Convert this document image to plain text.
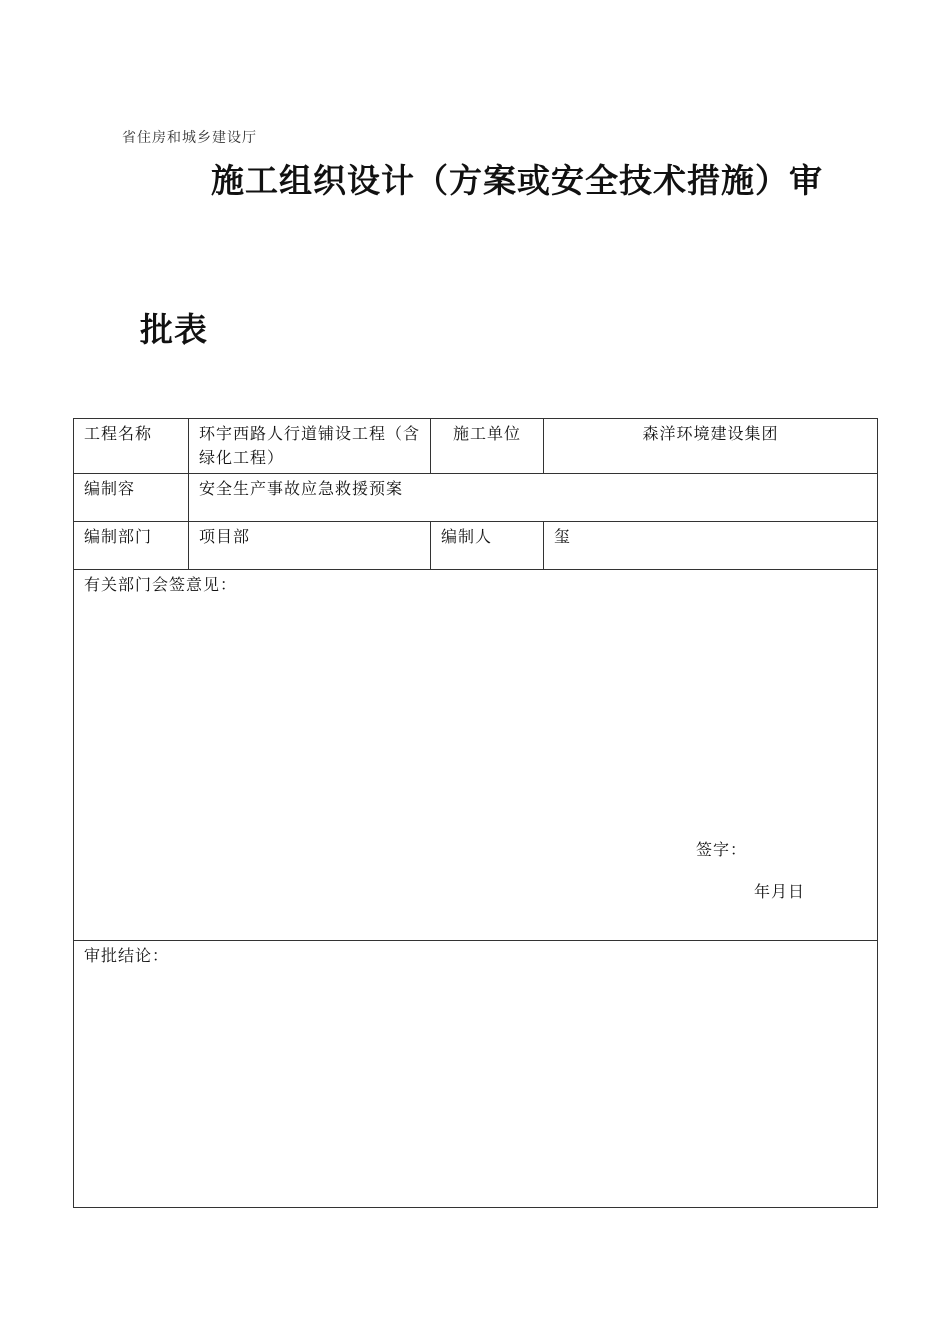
省住房和城乡建设厅
施工组织设计（方案或安全技术措施）审
批表
工程名称	环宇西路人行道铺设工程（含绿化工程）	施工单位	森洋环境建设集团
编制容	安全生产事故应急救援预案		
编制部门	项目部	编制人	玺
有关部门会签意见：
签字：
年月日			

审批结论：			
